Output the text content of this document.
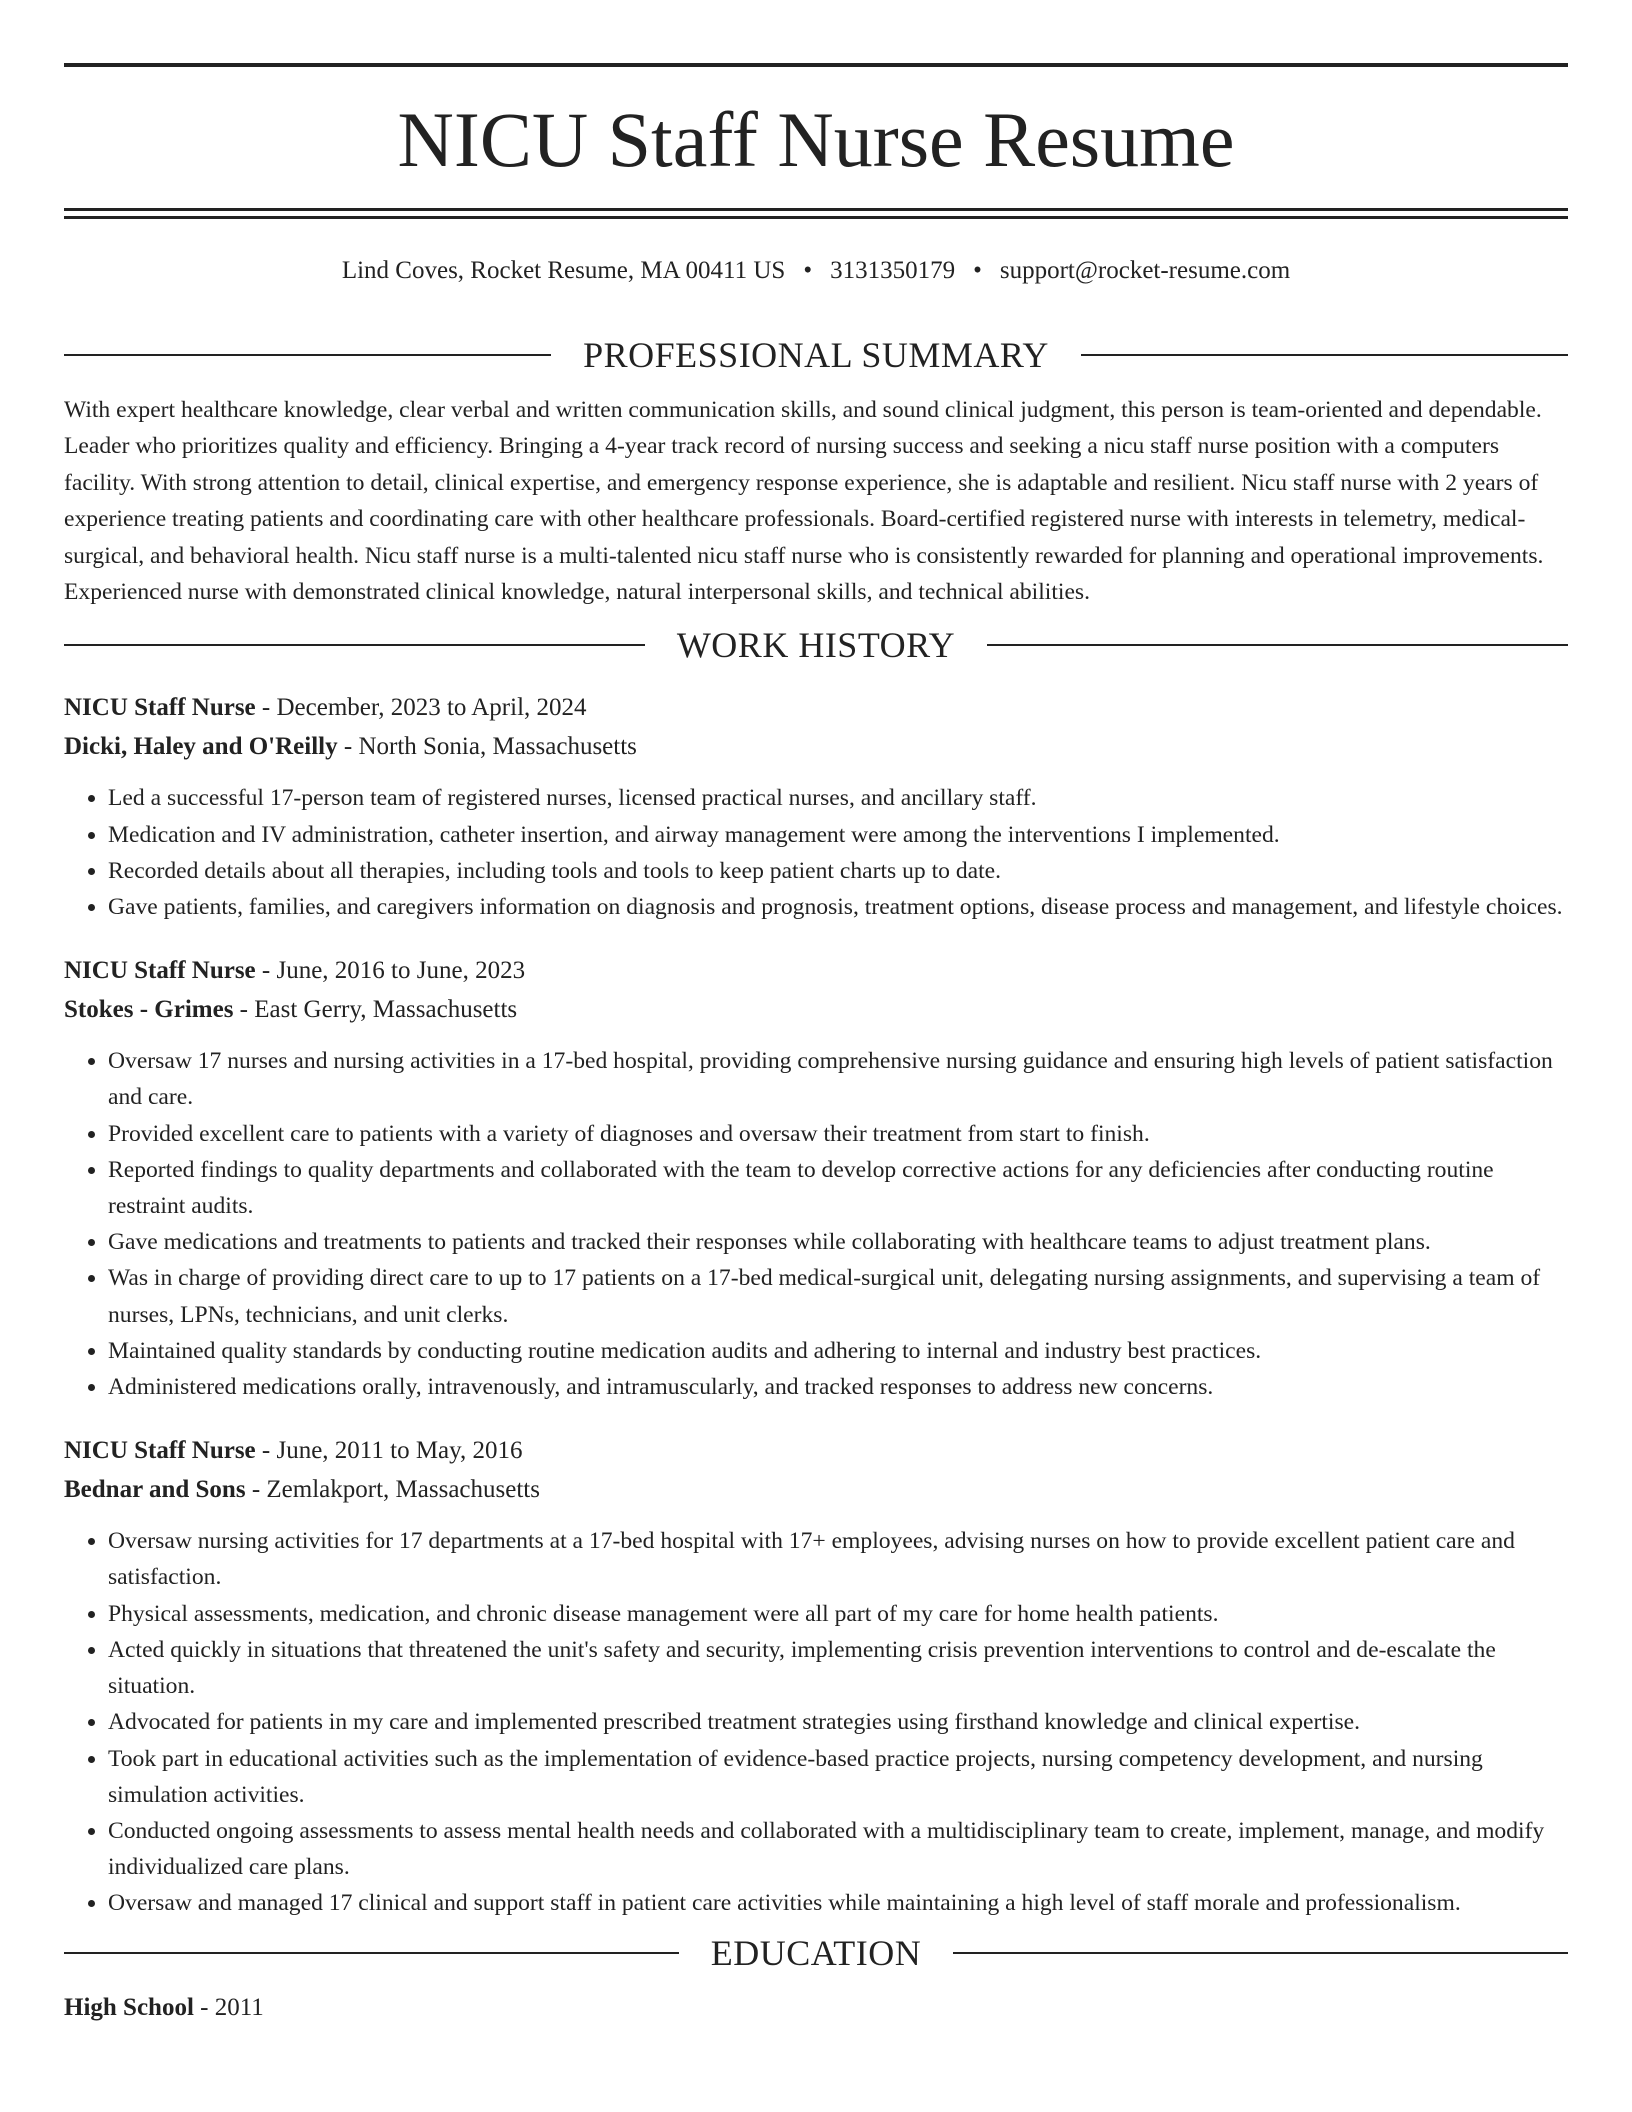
NICU Staff Nurse Resume
Lind Coves, Rocket Resume, MA 00411 US • 3131350179 • support@rocket-resume.com
PROFESSIONAL SUMMARY

With expert healthcare knowledge, clear verbal and written communication skills, and sound clinical judgment, this person is team-oriented and dependable. Leader who prioritizes quality and efficiency. Bringing a 4-year track record of nursing success and seeking a nicu staff nurse position with a computers facility. With strong attention to detail, clinical expertise, and emergency response experience, she is adaptable and resilient. Nicu staff nurse with 2 years of experience treating patients and coordinating care with other healthcare professionals. Board-certified registered nurse with interests in telemetry, medical-surgical, and behavioral health. Nicu staff nurse is a multi-talented nicu staff nurse who is consistently rewarded for planning and operational improvements. Experienced nurse with demonstrated clinical knowledge, natural interpersonal skills, and technical abilities.

WORK HISTORY

NICU Staff Nurse - December, 2023 to April, 2024

Dicki, Haley and O'Reilly - North Sonia, Massachusetts

• Led a successful 17-person team of registered nurses, licensed practical nurses, and ancillary staff.
• Medication and IV administration, catheter insertion, and airway management were among the interventions I implemented.
• Recorded details about all therapies, including tools and tools to keep patient charts up to date.
• Gave patients, families, and caregivers information on diagnosis and prognosis, treatment options, disease process and management, and lifestyle choices.

NICU Staff Nurse - June, 2016 to June, 2023

Stokes - Grimes - East Gerry, Massachusetts

• Oversaw 17 nurses and nursing activities in a 17-bed hospital, providing comprehensive nursing guidance and ensuring high levels of patient satisfaction and care.
• Provided excellent care to patients with a variety of diagnoses and oversaw their treatment from start to finish.
• Reported findings to quality departments and collaborated with the team to develop corrective actions for any deficiencies after conducting routine restraint audits.
• Gave medications and treatments to patients and tracked their responses while collaborating with healthcare teams to adjust treatment plans.
• Was in charge of providing direct care to up to 17 patients on a 17-bed medical-surgical unit, delegating nursing assignments, and supervising a team of nurses, LPNs, technicians, and unit clerks.
• Maintained quality standards by conducting routine medication audits and adhering to internal and industry best practices.
• Administered medications orally, intravenously, and intramuscularly, and tracked responses to address new concerns.

NICU Staff Nurse - June, 2011 to May, 2016

Bednar and Sons - Zemlakport, Massachusetts

• Oversaw nursing activities for 17 departments at a 17-bed hospital with 17+ employees, advising nurses on how to provide excellent patient care and satisfaction.
• Physical assessments, medication, and chronic disease management were all part of my care for home health patients.
• Acted quickly in situations that threatened the unit's safety and security, implementing crisis prevention interventions to control and de-escalate the situation.
• Advocated for patients in my care and implemented prescribed treatment strategies using firsthand knowledge and clinical expertise.
• Took part in educational activities such as the implementation of evidence-based practice projects, nursing competency development, and nursing simulation activities.
• Conducted ongoing assessments to assess mental health needs and collaborated with a multidisciplinary team to create, implement, manage, and modify individualized care plans.
• Oversaw and managed 17 clinical and support staff in patient care activities while maintaining a high level of staff morale and professionalism.
EDUCATION

High School - 2011
